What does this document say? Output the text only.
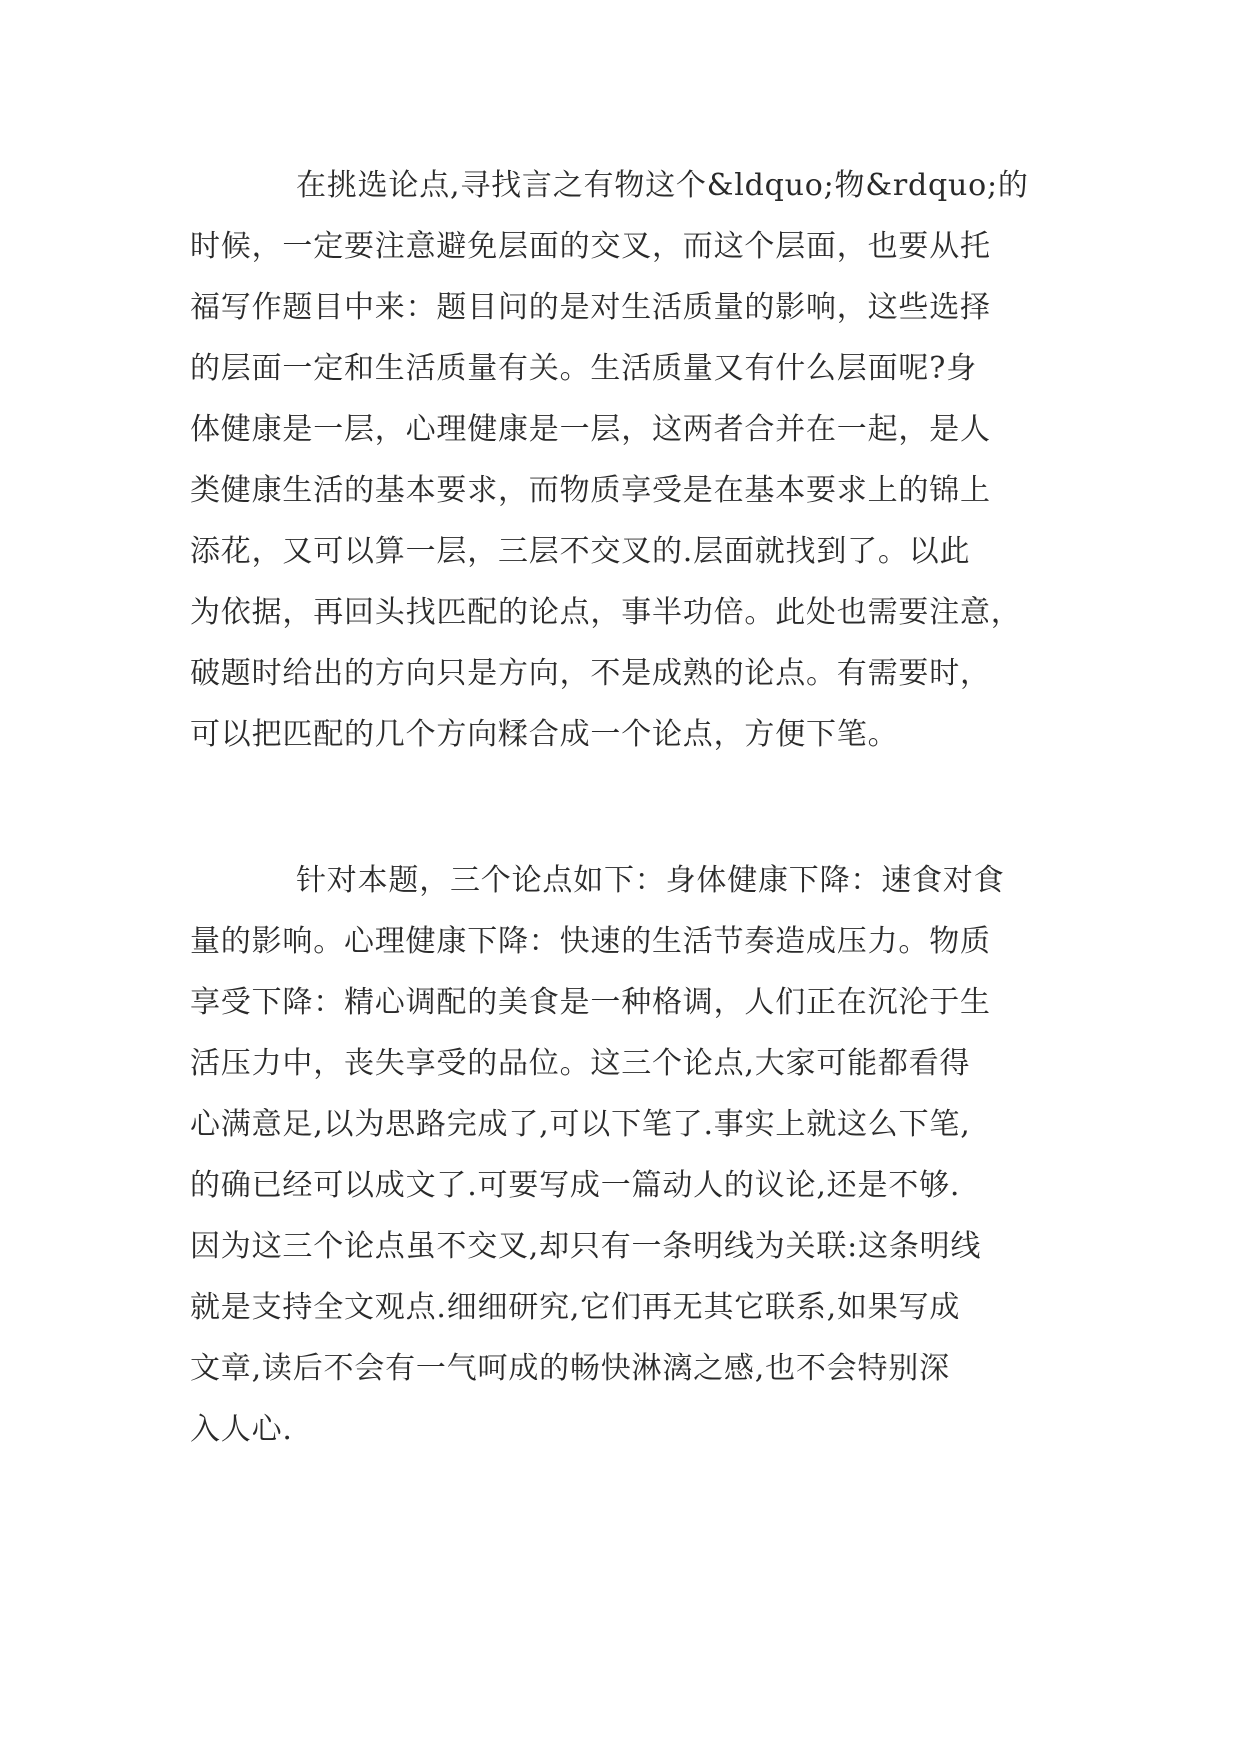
在挑选论点,寻找言之有物这个&ldquo;物&rdquo;的
时候，一定要注意避免层面的交叉，而这个层面，也要从托
福写作题目中来：题目问的是对生活质量的影响，这些选择
的层面一定和生活质量有关。生活质量又有什么层面呢?身
体健康是一层，心理健康是一层，这两者合并在一起，是人
类健康生活的基本要求，而物质享受是在基本要求上的锦上
添花，又可以算一层，三层不交叉的.层面就找到了。以此
为依据，再回头找匹配的论点，事半功倍。此处也需要注意，
破题时给出的方向只是方向，不是成熟的论点。有需要时，
可以把匹配的几个方向糅合成一个论点，方便下笔。
针对本题，三个论点如下：身体健康下降：速食对食
量的影响。心理健康下降：快速的生活节奏造成压力。物质
享受下降：精心调配的美食是一种格调，人们正在沉沦于生
活压力中，丧失享受的品位。这三个论点,大家可能都看得
心满意足,以为思路完成了,可以下笔了.事实上就这么下笔,
的确已经可以成文了.可要写成一篇动人的议论,还是不够.
因为这三个论点虽不交叉,却只有一条明线为关联:这条明线
就是支持全文观点.细细研究,它们再无其它联系,如果写成
文章,读后不会有一气呵成的畅快淋漓之感,也不会特别深
入人心.
